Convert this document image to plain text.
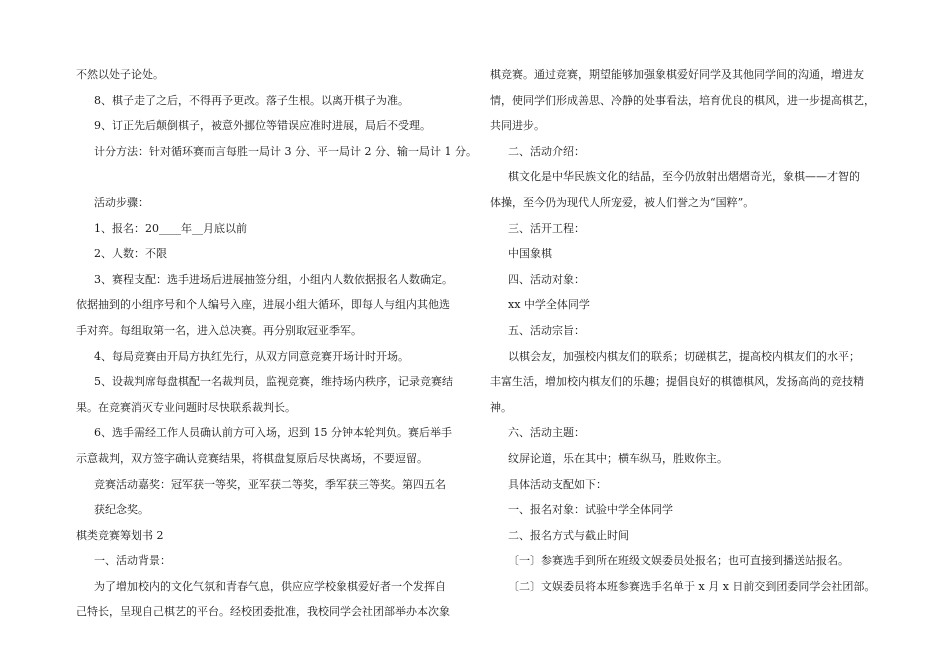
不然以处子论处。
8、棋子走了之后，不得再予更改。落子生根。以离开棋子为准。
9、订正先后颠倒棋子，被意外挪位等错误应准时进展，局后不受理。
计分方法：针对循环赛而言每胜一局计 3 分、平一局计 2 分、输一局计 1 分。
活动步骤：
1、报名：20____年__月底以前
2、人数：不限
3、赛程支配：选手进场后进展抽签分组，小组内人数依据报名人数确定。
依据抽到的小组序号和个人编号入座，进展小组大循环，即每人与组内其他选
手对弈。每组取第一名，进入总决赛。再分别取冠亚季军。
4、每局竞赛由开局方执红先行，从双方同意竞赛开场计时开场。
5、设裁判席每盘棋配一名裁判员，监视竞赛，维持场内秩序，记录竞赛结
果。在竞赛消灭专业问题时尽快联系裁判长。
6、选手需经工作人员确认前方可入场，迟到 15 分钟本轮判负。赛后举手
示意裁判，双方签字确认竞赛结果，将棋盘复原后尽快离场，不要逗留。
竞赛活动嘉奖：冠军获一等奖，亚军获二等奖，季军获三等奖。第四五名
获纪念奖。
棋类竞赛筹划书 2
一、活动背景：
为了增加校内的文化气氛和青春气息，供应应学校象棋爱好者一个发挥自
己特长，呈现自己棋艺的平台。经校团委批准，我校同学会社团部举办本次象
棋竞赛。通过竞赛，期望能够加强象棋爱好同学及其他同学间的沟通，增进友
情，使同学们形成善思、冷静的处事看法，培育优良的棋风，进一步提高棋艺，
共同进步。
二、活动介绍：
棋文化是中华民族文化的结晶，至今仍放射出熠熠奇光，象棋——才智的
体操，至今仍为现代人所宠爱，被人们誉之为“国粹”。
三、活开工程：
中国象棋
四、活动对象：
xx 中学全体同学
五、活动宗旨：
以棋会友，加强校内棋友们的联系；切磋棋艺，提高校内棋友们的水平；
丰富生活，增加校内棋友们的乐趣；提倡良好的棋德棋风，发扬高尚的竞技精
神。
六、活动主题：
纹屏论道，乐在其中；横车纵马，胜败你主。
具体活动支配如下：
一、报名对象：试验中学全体同学
二、报名方式与截止时间
〔一〕参赛选手到所在班级文娱委员处报名；也可直接到播送站报名。
〔二〕文娱委员将本班参赛选手名单于 x 月 x 日前交到团委同学会社团部。
